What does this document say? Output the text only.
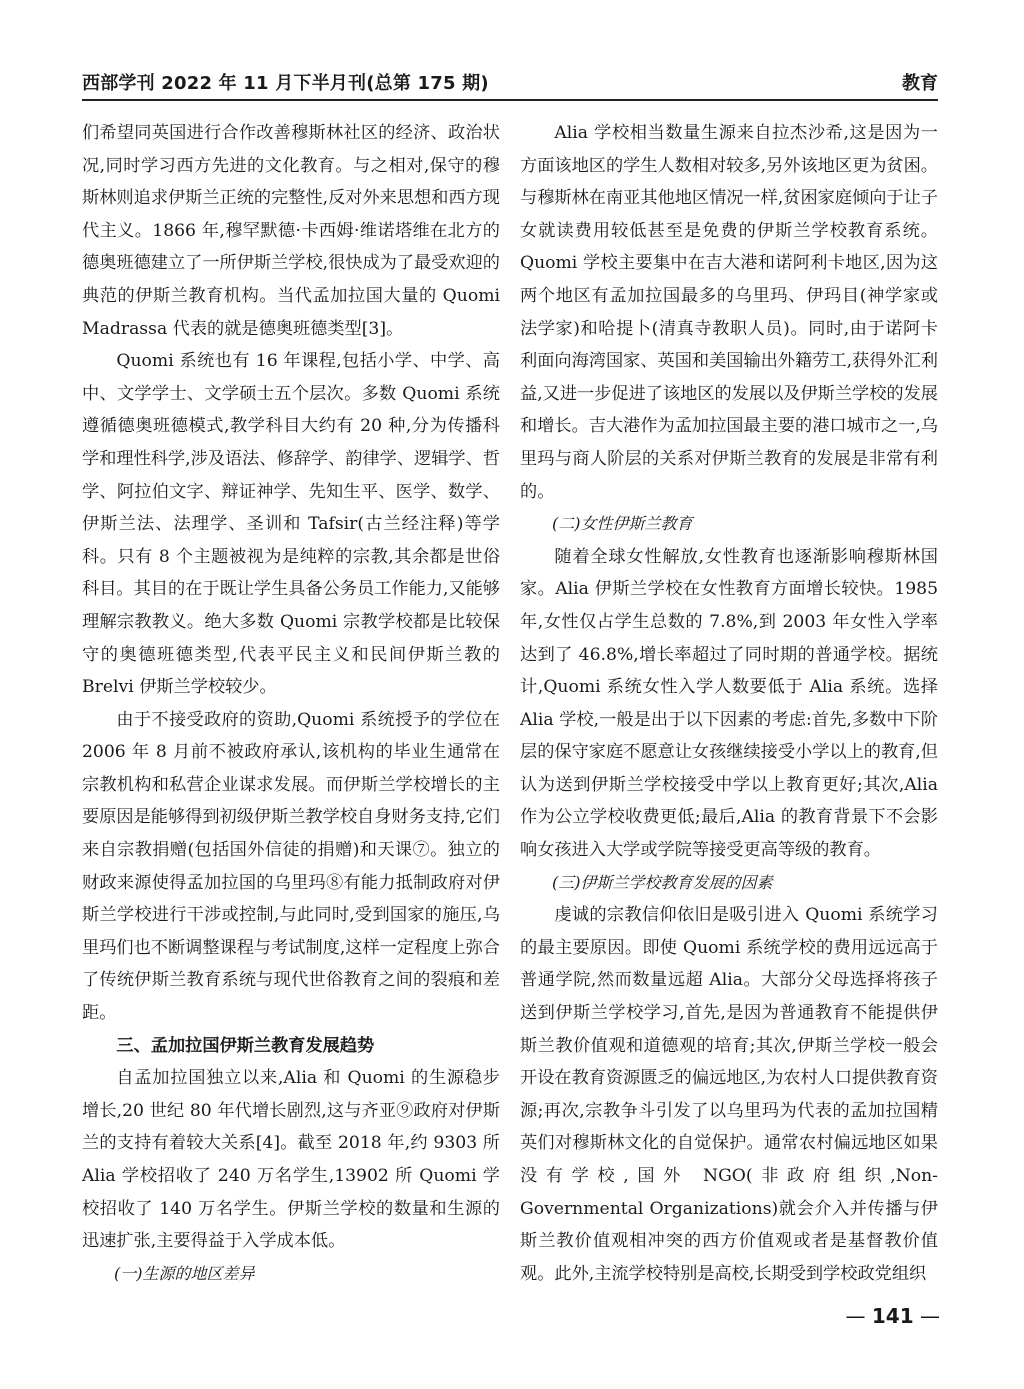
西部学刊 2022 年 11 月下半月刊(总第 175 期)	教育

们希望同英国进行合作改善穆斯林社区的经济、政治状况,同时学习西方先进的文化教育。与之相对,保守的穆斯林则追求伊斯兰正统的完整性,反对外来思想和西方现代主义。1866 年,穆罕默德·卡西姆·维诺塔维在北方的德奥班德建立了一所伊斯兰学校,很快成为了最受欢迎的典范的伊斯兰教育机构。当代孟加拉国大量的 Quomi Madrassa 代表的就是德奥班德类型[3]。

Quomi 系统也有 16 年课程,包括小学、中学、高中、文学学士、文学硕士五个层次。多数 Quomi 系统遵循德奥班德模式,教学科目大约有 20 种,分为传播科学和理性科学,涉及语法、修辞学、韵律学、逻辑学、哲学、阿拉伯文字、辩证神学、先知生平、医学、数学、伊斯兰法、法理学、圣训和 Tafsir(古兰经注释)等学科。只有 8 个主题被视为是纯粹的宗教,其余都是世俗科目。其目的在于既让学生具备公务员工作能力,又能够理解宗教教义。绝大多数 Quomi 宗教学校都是比较保守的奥德班德类型,代表平民主义和民间伊斯兰教的 Brelvi 伊斯兰学校较少。

由于不接受政府的资助,Quomi 系统授予的学位在 2006 年 8 月前不被政府承认,该机构的毕业生通常在宗教机构和私营企业谋求发展。而伊斯兰学校增长的主要原因是能够得到初级伊斯兰教学校自身财务支持,它们来自宗教捐赠(包括国外信徒的捐赠)和天课⑦。独立的财政来源使得孟加拉国的乌里玛⑧有能力抵制政府对伊斯兰学校进行干涉或控制,与此同时,受到国家的施压,乌里玛们也不断调整课程与考试制度,这样一定程度上弥合了传统伊斯兰教育系统与现代世俗教育之间的裂痕和差距。

三、孟加拉国伊斯兰教育发展趋势

自孟加拉国独立以来,Alia 和 Quomi 的生源稳步增长,20 世纪 80 年代增长剧烈,这与齐亚⑨政府对伊斯兰的支持有着较大关系[4]。截至 2018 年,约 9303 所 Alia 学校招收了 240 万名学生,13902 所 Quomi 学校招收了 140 万名学生。伊斯兰学校的数量和生源的迅速扩张,主要得益于入学成本低。

(一)生源的地区差异

Alia 学校相当数量生源来自拉杰沙希,这是因为一方面该地区的学生人数相对较多,另外该地区更为贫困。与穆斯林在南亚其他地区情况一样,贫困家庭倾向于让子女就读费用较低甚至是免费的伊斯兰学校教育系统。Quomi 学校主要集中在吉大港和诺阿利卡地区,因为这两个地区有孟加拉国最多的乌里玛、伊玛目(神学家或法学家)和哈提卜(清真寺教职人员)。同时,由于诺阿卡利面向海湾国家、英国和美国输出外籍劳工,获得外汇利益,又进一步促进了该地区的发展以及伊斯兰学校的发展和增长。吉大港作为孟加拉国最主要的港口城市之一,乌里玛与商人阶层的关系对伊斯兰教育的发展是非常有利的。

(二)女性伊斯兰教育

随着全球女性解放,女性教育也逐渐影响穆斯林国家。Alia 伊斯兰学校在女性教育方面增长较快。1985 年,女性仅占学生总数的 7.8%,到 2003 年女性入学率达到了 46.8%,增长率超过了同时期的普通学校。据统计,Quomi 系统女性入学人数要低于 Alia 系统。选择 Alia 学校,一般是出于以下因素的考虑:首先,多数中下阶层的保守家庭不愿意让女孩继续接受小学以上的教育,但认为送到伊斯兰学校接受中学以上教育更好;其次,Alia 作为公立学校收费更低;最后,Alia 的教育背景下不会影响女孩进入大学或学院等接受更高等级的教育。

(三)伊斯兰学校教育发展的因素

虔诚的宗教信仰依旧是吸引进入 Quomi 系统学习的最主要原因。即使 Quomi 系统学校的费用远远高于普通学院,然而数量远超 Alia。大部分父母选择将孩子送到伊斯兰学校学习,首先,是因为普通教育不能提供伊斯兰教价值观和道德观的培育;其次,伊斯兰学校一般会开设在教育资源匮乏的偏远地区,为农村人口提供教育资源;再次,宗教争斗引发了以乌里玛为代表的孟加拉国精英们对穆斯林文化的自觉保护。通常农村偏远地区如果没有学校,国外 NGO(非政府组织,Non-Governmental Organizations)就会介入并传播与伊斯兰教价值观相冲突的西方价值观或者是基督教价值观。此外,主流学校特别是高校,长期受到学校政党组织

— 141 —
